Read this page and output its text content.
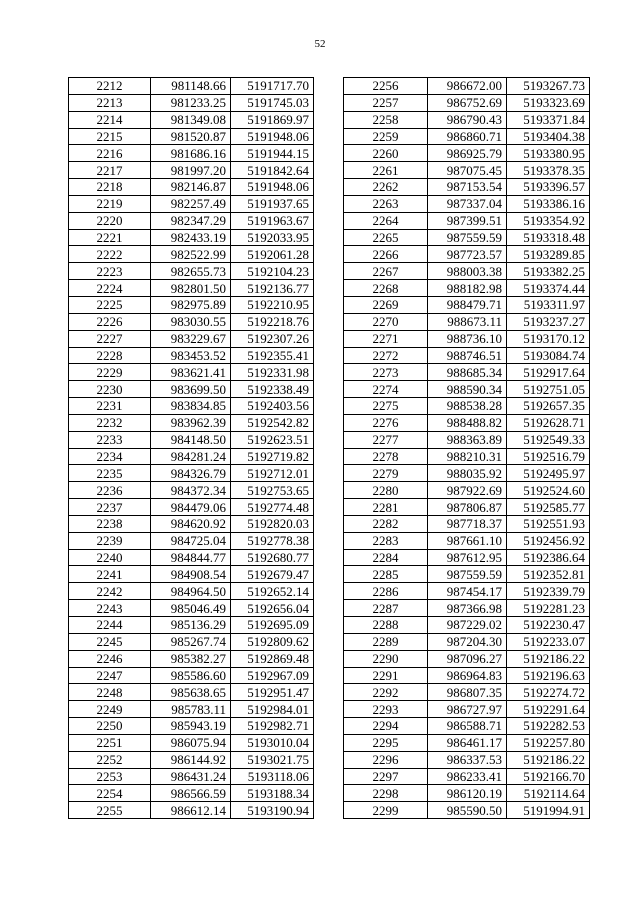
52
2212	981148.66	5191717.70
2213	981233.25	5191745.03
2214	981349.08	5191869.97
2215	981520.87	5191948.06
2216	981686.16	5191944.15
2217	981997.20	5191842.64
2218	982146.87	5191948.06
2219	982257.49	5191937.65
2220	982347.29	5191963.67
2221	982433.19	5192033.95
2222	982522.99	5192061.28
2223	982655.73	5192104.23
2224	982801.50	5192136.77
2225	982975.89	5192210.95
2226	983030.55	5192218.76
2227	983229.67	5192307.26
2228	983453.52	5192355.41
2229	983621.41	5192331.98
2230	983699.50	5192338.49
2231	983834.85	5192403.56
2232	983962.39	5192542.82
2233	984148.50	5192623.51
2234	984281.24	5192719.82
2235	984326.79	5192712.01
2236	984372.34	5192753.65
2237	984479.06	5192774.48
2238	984620.92	5192820.03
2239	984725.04	5192778.38
2240	984844.77	5192680.77
2241	984908.54	5192679.47
2242	984964.50	5192652.14
2243	985046.49	5192656.04
2244	985136.29	5192695.09
2245	985267.74	5192809.62
2246	985382.27	5192869.48
2247	985586.60	5192967.09
2248	985638.65	5192951.47
2249	985783.11	5192984.01
2250	985943.19	5192982.71
2251	986075.94	5193010.04
2252	986144.92	5193021.75
2253	986431.24	5193118.06
2254	986566.59	5193188.34
2255	986612.14	5193190.94
2256	986672.00	5193267.73
2257	986752.69	5193323.69
2258	986790.43	5193371.84
2259	986860.71	5193404.38
2260	986925.79	5193380.95
2261	987075.45	5193378.35
2262	987153.54	5193396.57
2263	987337.04	5193386.16
2264	987399.51	5193354.92
2265	987559.59	5193318.48
2266	987723.57	5193289.85
2267	988003.38	5193382.25
2268	988182.98	5193374.44
2269	988479.71	5193311.97
2270	988673.11	5193237.27
2271	988736.10	5193170.12
2272	988746.51	5193084.74
2273	988685.34	5192917.64
2274	988590.34	5192751.05
2275	988538.28	5192657.35
2276	988488.82	5192628.71
2277	988363.89	5192549.33
2278	988210.31	5192516.79
2279	988035.92	5192495.97
2280	987922.69	5192524.60
2281	987806.87	5192585.77
2282	987718.37	5192551.93
2283	987661.10	5192456.92
2284	987612.95	5192386.64
2285	987559.59	5192352.81
2286	987454.17	5192339.79
2287	987366.98	5192281.23
2288	987229.02	5192230.47
2289	987204.30	5192233.07
2290	987096.27	5192186.22
2291	986964.83	5192196.63
2292	986807.35	5192274.72
2293	986727.97	5192291.64
2294	986588.71	5192282.53
2295	986461.17	5192257.80
2296	986337.53	5192186.22
2297	986233.41	5192166.70
2298	986120.19	5192114.64
2299	985590.50	5191994.91
